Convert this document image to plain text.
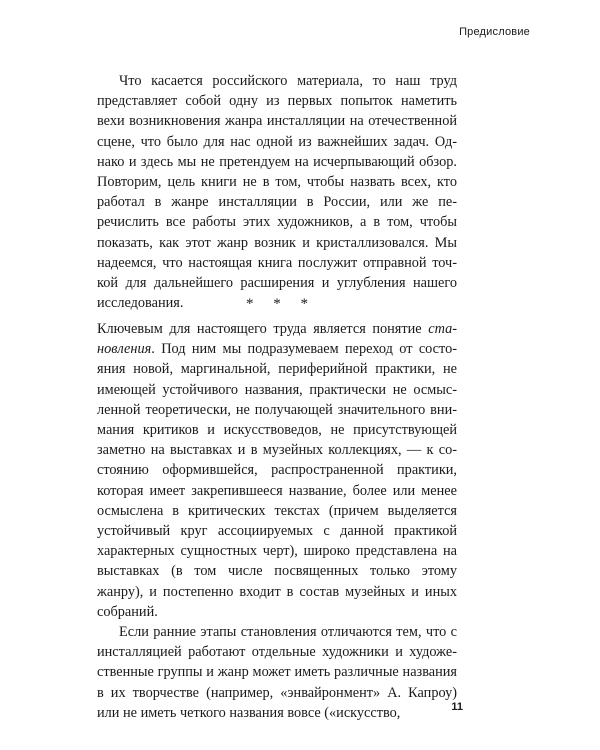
Предисловие

Что касается российского материала, то наш труд представляет собой одну из первых попыток наметить вехи возникновения жанра инсталляции на отечественной сцене, что было для нас одной из важнейших задач. Однако и здесь мы не претендуем на исчерпывающий обзор. Повторим, цель книги не в том, чтобы назвать всех, кто работал в жанре инсталляции в России, или же перечислить все работы этих художников, а в том, чтобы показать, как этот жанр возник и кристаллизовался. Мы надеемся, что настоящая книга послужит отправной точкой для дальнейшего расширения и углубления нашего исследования.	* * *

Ключевым для настоящего труда является понятие становления. Под ним мы подразумеваем переход от состояния новой, маргинальной, периферийной практики, не имеющей устойчивого названия, практически не осмысленной теоретически, не получающей значительного внимания критиков и искусствоведов, не присутствующей заметно на выставках и в музейных коллекциях, — к состоянию оформившейся, распространенной практики, которая имеет закрепившееся название, более или менее осмыслена в критических текстах (причем выделяется устойчивый круг ассоциируемых с данной практикой характерных сущностных черт), широко представлена на выставках (в том числе посвященных только этому жанру), и постепенно входит в состав музейных и иных собраний.

Если ранние этапы становления отличаются тем, что с инсталляцией работают отдельные художники и художественные группы и жанр может иметь различные названия в их творчестве (например, «энвайронмент» А. Капроу) или не иметь четкого названия вовсе («искусство,	11
